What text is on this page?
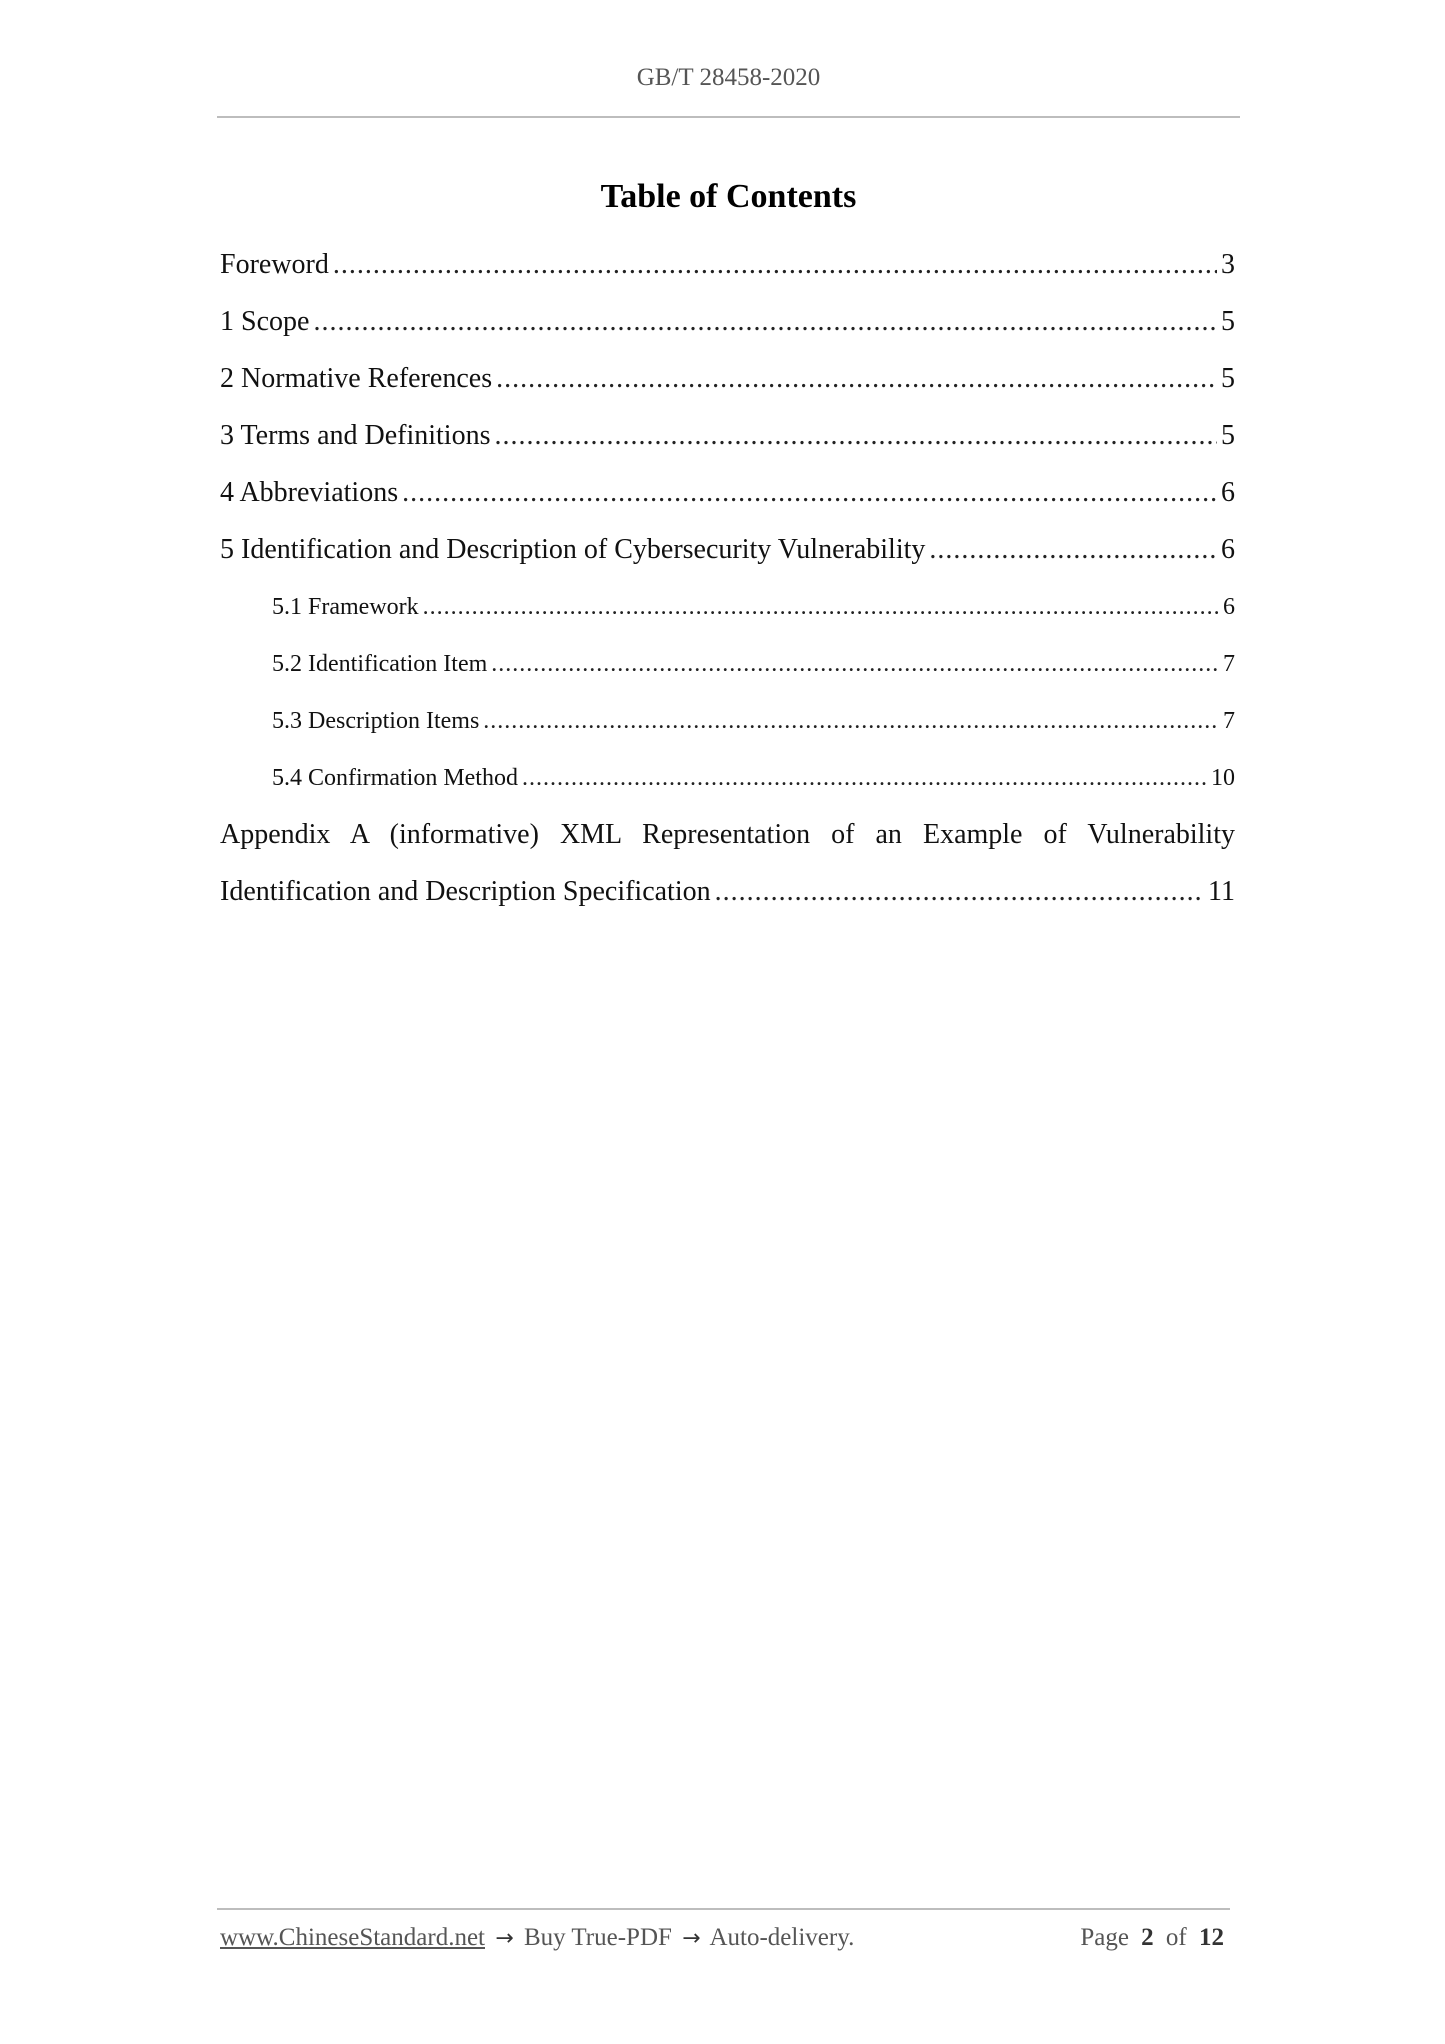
GB/T 28458-2020
Table of Contents
Foreword .....	3
1 Scope .....	5
2 Normative References .....	5
3 Terms and Definitions .....	5
4 Abbreviations .....	6
5 Identification and Description of Cybersecurity Vulnerability .....	6
5.1 Framework .....	6
5.2 Identification Item .....	7
5.3 Description Items .....	7
5.4 Confirmation Method .....	10
Appendix A (informative) XML Representation of an Example of Vulnerability
Identification and Description Specification .....	11
www.ChineseStandard.net → Buy True-PDF → Auto-delivery.	Page 2 of 12
